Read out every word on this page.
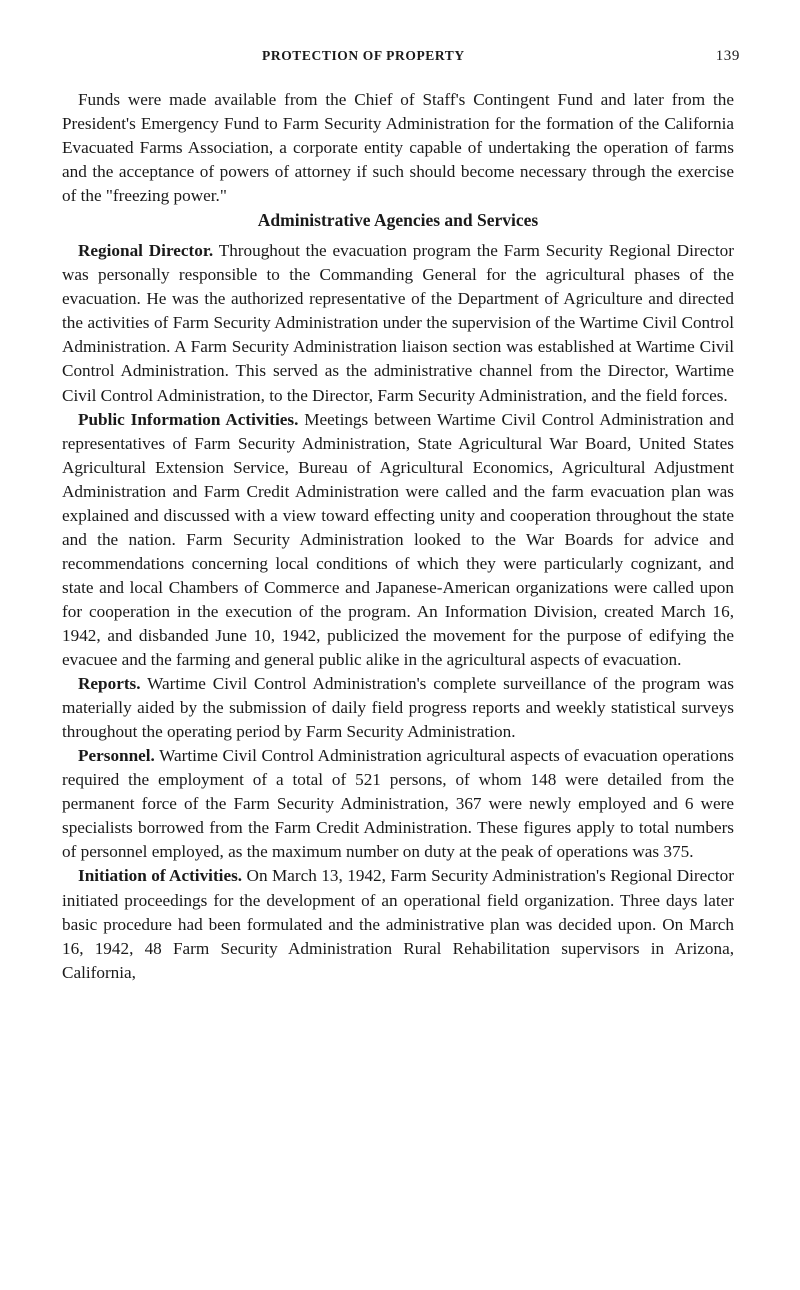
PROTECTION OF PROPERTY	139

Funds were made available from the Chief of Staff's Contingent Fund and later from the President's Emergency Fund to Farm Security Administration for the formation of the California Evacuated Farms Association, a corporate entity capable of undertaking the operation of farms and the acceptance of powers of attorney if such should become necessary through the exercise of the "freezing power."

Administrative Agencies and Services

Regional Director. Throughout the evacuation program the Farm Security Regional Director was personally responsible to the Commanding General for the agricultural phases of the evacuation. He was the authorized representative of the Department of Agriculture and directed the activities of Farm Security Administration under the supervision of the Wartime Civil Control Administration. A Farm Security Administration liaison section was established at Wartime Civil Control Administration. This served as the administrative channel from the Director, Wartime Civil Control Administration, to the Director, Farm Security Administration, and the field forces.

Public Information Activities. Meetings between Wartime Civil Control Administration and representatives of Farm Security Administration, State Agricultural War Board, United States Agricultural Extension Service, Bureau of Agricultural Economics, Agricultural Adjustment Administration and Farm Credit Administration were called and the farm evacuation plan was explained and discussed with a view toward effecting unity and cooperation throughout the state and the nation. Farm Security Administration looked to the War Boards for advice and recommendations concerning local conditions of which they were particularly cognizant, and state and local Chambers of Commerce and Japanese-American organizations were called upon for cooperation in the execution of the program. An Information Division, created March 16, 1942, and disbanded June 10, 1942, publicized the movement for the purpose of edifying the evacuee and the farming and general public alike in the agricultural aspects of evacuation.

Reports. Wartime Civil Control Administration's complete surveillance of the program was materially aided by the submission of daily field progress reports and weekly statistical surveys throughout the operating period by Farm Security Administration.

Personnel. Wartime Civil Control Administration agricultural aspects of evacuation operations required the employment of a total of 521 persons, of whom 148 were detailed from the permanent force of the Farm Security Administration, 367 were newly employed and 6 were specialists borrowed from the Farm Credit Administration. These figures apply to total numbers of personnel employed, as the maximum number on duty at the peak of operations was 375.

Initiation of Activities. On March 13, 1942, Farm Security Administration's Regional Director initiated proceedings for the development of an operational field organization. Three days later basic procedure had been formulated and the administrative plan was decided upon. On March 16, 1942, 48 Farm Security Administration Rural Rehabilitation supervisors in Arizona, California,
